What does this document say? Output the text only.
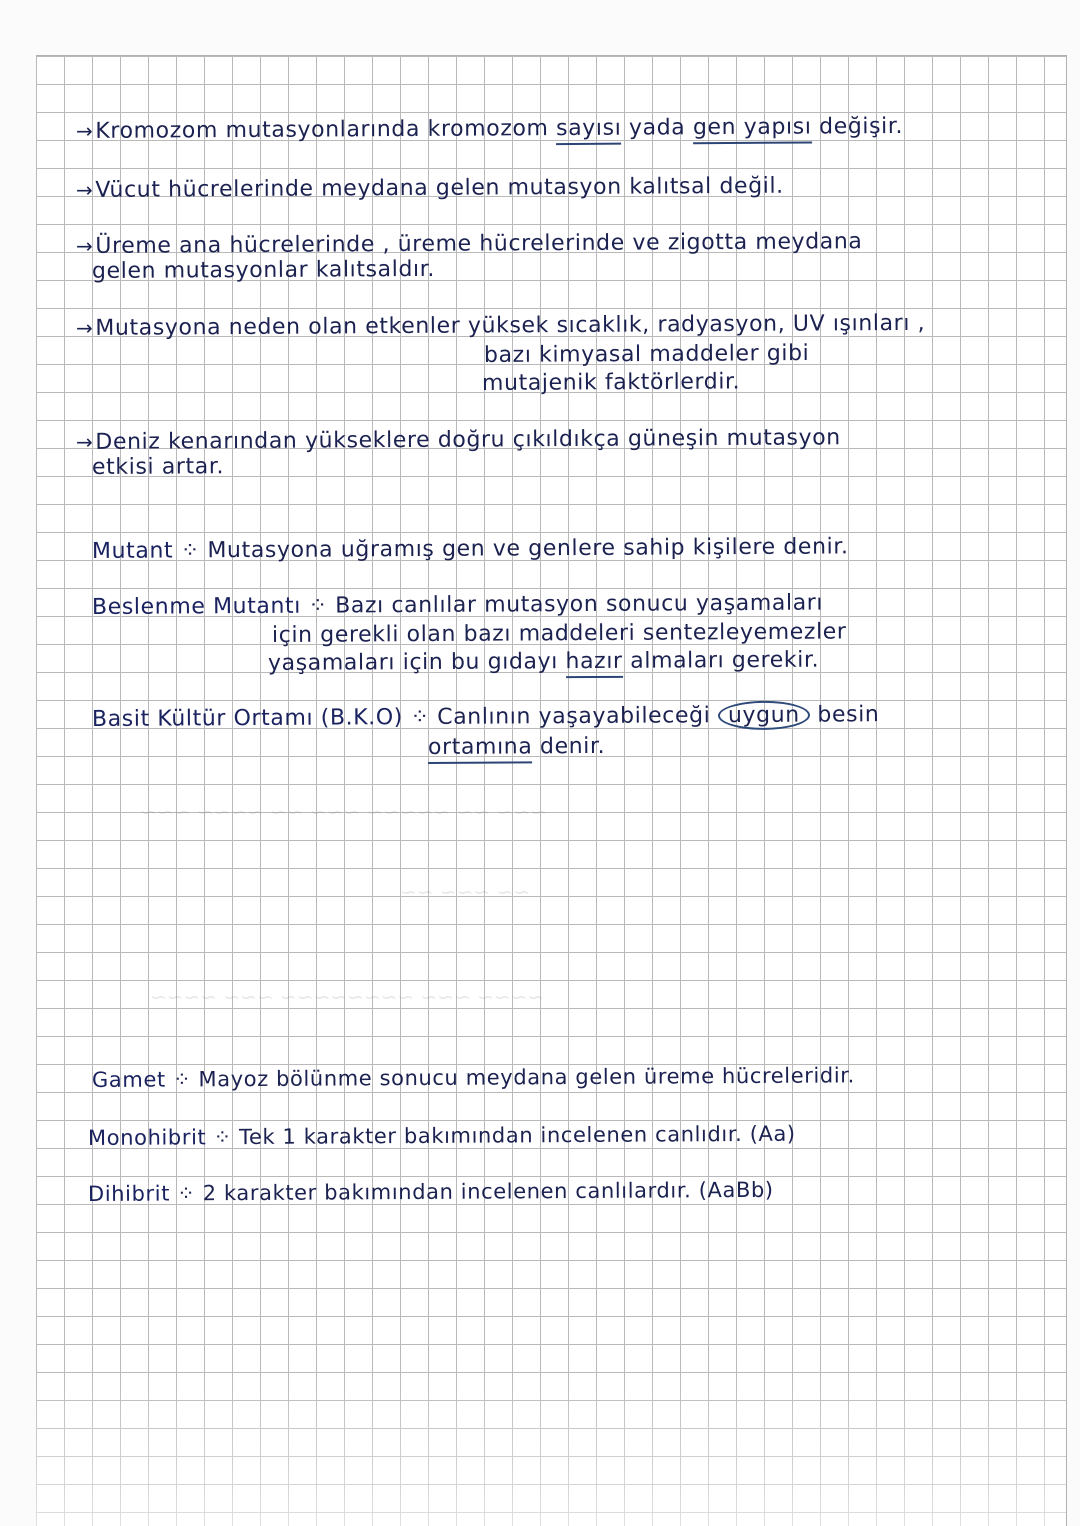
~~~ ~~ ~~~~~ ~~~ ~~ ~~~~ ~~~
~~ ~~~ ~~
~~~~ ~~~ ~~~~~~~~ ~~~ ~~~~
→Kromozom mutasyonlarında kromozom sayısı yada gen yapısı değişir.
→Vücut hücrelerinde meydana gelen mutasyon kalıtsal değil.
→Üreme ana hücrelerinde , üreme hücrelerinde ve zigotta meydana
gelen mutasyonlar kalıtsaldır.
→Mutasyona neden olan etkenler yüksek sıcaklık, radyasyon, UV ışınları ,
bazı kimyasal maddeler gibi
mutajenik faktörlerdir.
→Deniz kenarından yükseklere doğru çıkıldıkça güneşin mutasyon
etkisi artar.
Mutant ⁘ Mutasyona uğramış gen ve genlere sahip kişilere denir.
Beslenme Mutantı ⁘ Bazı canlılar mutasyon sonucu yaşamaları
için gerekli olan bazı maddeleri sentezleyemezler
yaşamaları için bu gıdayı hazır almaları gerekir.
Basit Kültür Ortamı (B.K.O) ⁘ Canlının yaşayabileceği uygun besin
ortamına denir.
Gamet ⁘ Mayoz bölünme sonucu meydana gelen üreme hücreleridir.
Monohibrit ⁘ Tek 1 karakter bakımından incelenen canlıdır. (Aa)
Dihibrit ⁘ 2 karakter bakımından incelenen canlılardır. (AaBb)
